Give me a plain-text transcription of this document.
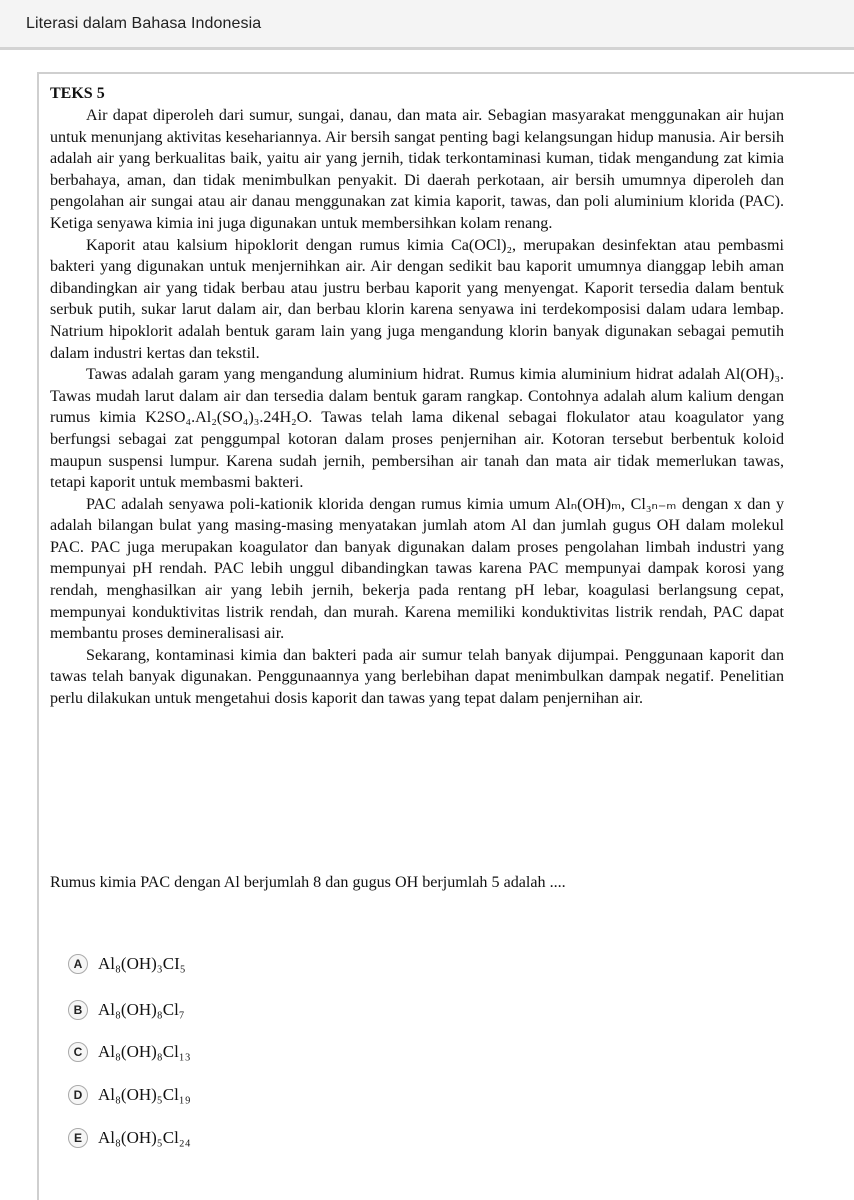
Literasi dalam Bahasa Indonesia
TEKS 5

Air dapat diperoleh dari sumur, sungai, danau, dan mata air. Sebagian masyarakat menggunakan air hujan untuk menunjang aktivitas kesehariannya. Air bersih sangat penting bagi kelangsungan hidup manusia. Air bersih adalah air yang berkualitas baik, yaitu air yang jernih, tidak terkontaminasi kuman, tidak mengandung zat kimia berbahaya, aman, dan tidak menimbulkan penyakit. Di daerah perkotaan, air bersih umumnya diperoleh dan pengolahan air sungai atau air danau menggunakan zat kimia kaporit, tawas, dan poli aluminium klorida (PAC). Ketiga senyawa kimia ini juga digunakan untuk membersihkan kolam renang.

Kaporit atau kalsium hipoklorit dengan rumus kimia Ca(OCl)₂, merupakan desinfektan atau pembasmi bakteri yang digunakan untuk menjernihkan air. Air dengan sedikit bau kaporit umumnya dianggap lebih aman dibandingkan air yang tidak berbau atau justru berbau kaporit yang menyengat. Kaporit tersedia dalam bentuk serbuk putih, sukar larut dalam air, dan berbau klorin karena senyawa ini terdekomposisi dalam udara lembap. Natrium hipoklorit adalah bentuk garam lain yang juga mengandung klorin banyak digunakan sebagai pemutih dalam industri kertas dan tekstil.

Tawas adalah garam yang mengandung aluminium hidrat. Rumus kimia aluminium hidrat adalah Al(OH)₃. Tawas mudah larut dalam air dan tersedia dalam bentuk garam rangkap. Contohnya adalah alum kalium dengan rumus kimia K2SO₄.Al₂(SO₄)₃.24H₂O. Tawas telah lama dikenal sebagai flokulator atau koagulator yang berfungsi sebagai zat penggumpal kotoran dalam proses penjernihan air. Kotoran tersebut berbentuk koloid maupun suspensi lumpur. Karena sudah jernih, pembersihan air tanah dan mata air tidak memerlukan tawas, tetapi kaporit untuk membasmi bakteri.

PAC adalah senyawa poli-kationik klorida dengan rumus kimia umum Alₙ(OH)ₘ, Cl₃ₙ₋ₘ dengan x dan y adalah bilangan bulat yang masing-masing menyatakan jumlah atom Al dan jumlah gugus OH dalam molekul PAC. PAC juga merupakan koagulator dan banyak digunakan dalam proses pengolahan limbah industri yang mempunyai pH rendah. PAC lebih unggul dibandingkan tawas karena PAC mempunyai dampak korosi yang rendah, menghasilkan air yang lebih jernih, bekerja pada rentang pH lebar, koagulasi berlangsung cepat, mempunyai konduktivitas listrik rendah, dan murah. Karena memiliki konduktivitas listrik rendah, PAC dapat membantu proses demineralisasi air.

Sekarang, kontaminasi kimia dan bakteri pada air sumur telah banyak dijumpai. Penggunaan kaporit dan tawas telah banyak digunakan. Penggunaannya yang berlebihan dapat menimbulkan dampak negatif. Penelitian perlu dilakukan untuk mengetahui dosis kaporit dan tawas yang tepat dalam penjernihan air.

Rumus kimia PAC dengan Al berjumlah 8 dan gugus OH berjumlah 5 adalah ....
A Al₈(OH)₃CI₅
B Al₈(OH)₈Cl₇
C Al₈(OH)₈Cl₁₃
D Al₈(OH)₅Cl₁₉
E Al₈(OH)₅Cl₂₄
